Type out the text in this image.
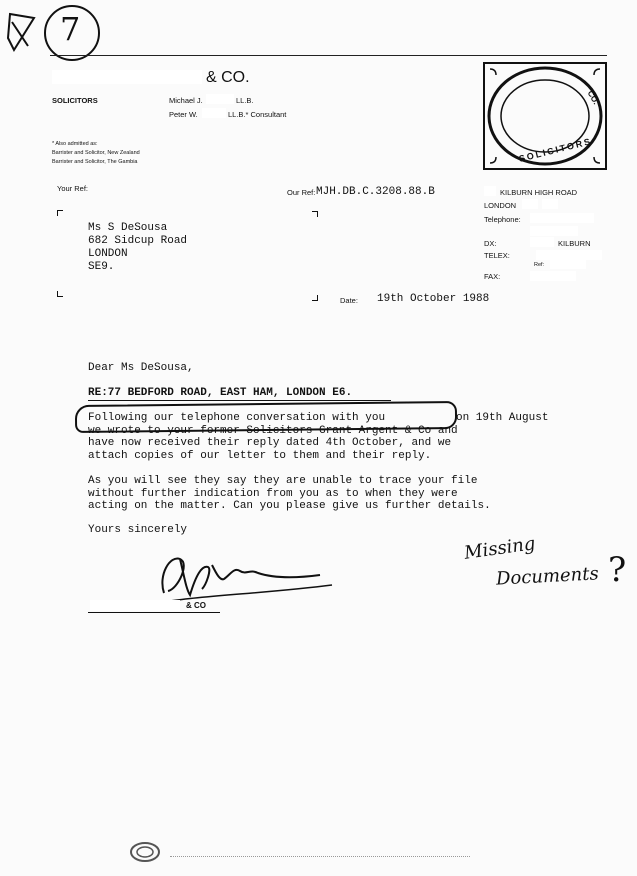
7
& CO.
SOLICITORS	Michael J.	LL.B.
Peter W.	LL.B.* Consultant
* Also admitted as:
Barrister and Solicitor, New Zealand
Barrister and Solicitor, The Gambia	SOLICITORS
CO.
Your Ref:	Our Ref: MJH.DB.C.3208.88.B	KILBURN HIGH ROAD
LONDON
Telephone:
DX:	KILBURN
TELEX:
Ref:
FAX:
Ms S DeSousa
682 Sidcup Road
LONDON
SE9.
Date: 19th October 1988
Dear Ms DeSousa,
RE:77 BEDFORD ROAD, EAST HAM, LONDON E6.
Following our telephone conversation with you	on 19th August
we wrote to your former Solicitors Grant Argent & Co and
have now received their reply dated 4th October, and we
attach copies of our letter to them and their reply.
As you will see they say they are unable to trace your file
without further indication from you as to when they were
acting on the matter. Can you please give us further details.
Yours sincerely
& CO
Missing
Documents ?
